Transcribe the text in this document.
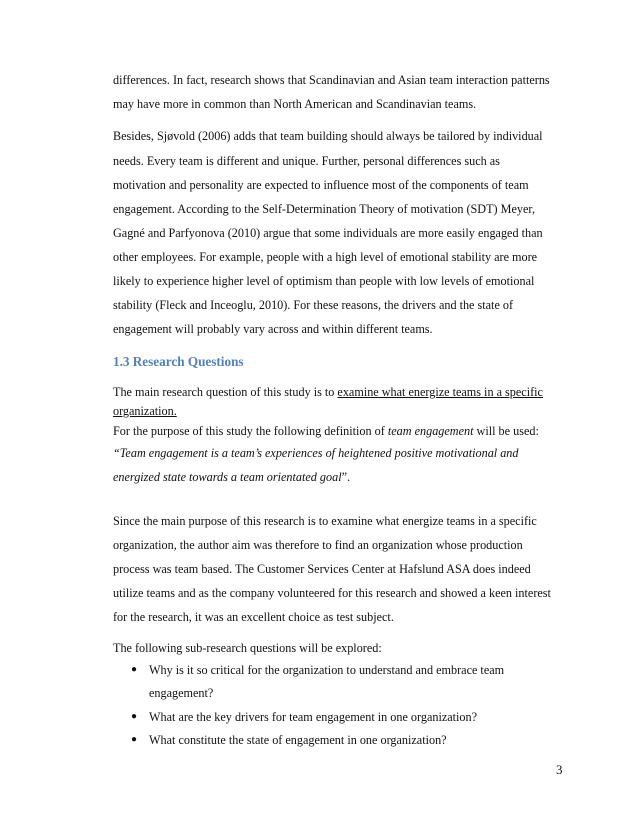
differences. In fact, research shows that Scandinavian and Asian team interaction patterns
may have more in common than North American and Scandinavian teams.
Besides, Sjøvold (2006) adds that team building should always be tailored by individual
needs. Every team is different and unique. Further, personal differences such as
motivation and personality are expected to influence most of the components of team
engagement. According to the Self-Determination Theory of motivation (SDT) Meyer,
Gagné and Parfyonova (2010) argue that some individuals are more easily engaged than
other employees. For example, people with a high level of emotional stability are more
likely to experience higher level of optimism than people with low levels of emotional
stability (Fleck and Inceoglu, 2010). For these reasons, the drivers and the state of
engagement will probably vary across and within different teams.
1.3 Research Questions
The main research question of this study is to examine what energize teams in a specific
organization.
For the purpose of this study the following definition of team engagement will be used:
“Team engagement is a team’s experiences of heightened positive motivational and
energized state towards a team orientated goal”.
Since the main purpose of this research is to examine what energize teams in a specific
organization, the author aim was therefore to find an organization whose production
process was team based. The Customer Services Center at Hafslund ASA does indeed
utilize teams and as the company volunteered for this research and showed a keen interest
for the research, it was an excellent choice as test subject.
The following sub-research questions will be explored:
● Why is it so critical for the organization to understand and embrace team
engagement?
● What are the key drivers for team engagement in one organization?
● What constitute the state of engagement in one organization?
3
